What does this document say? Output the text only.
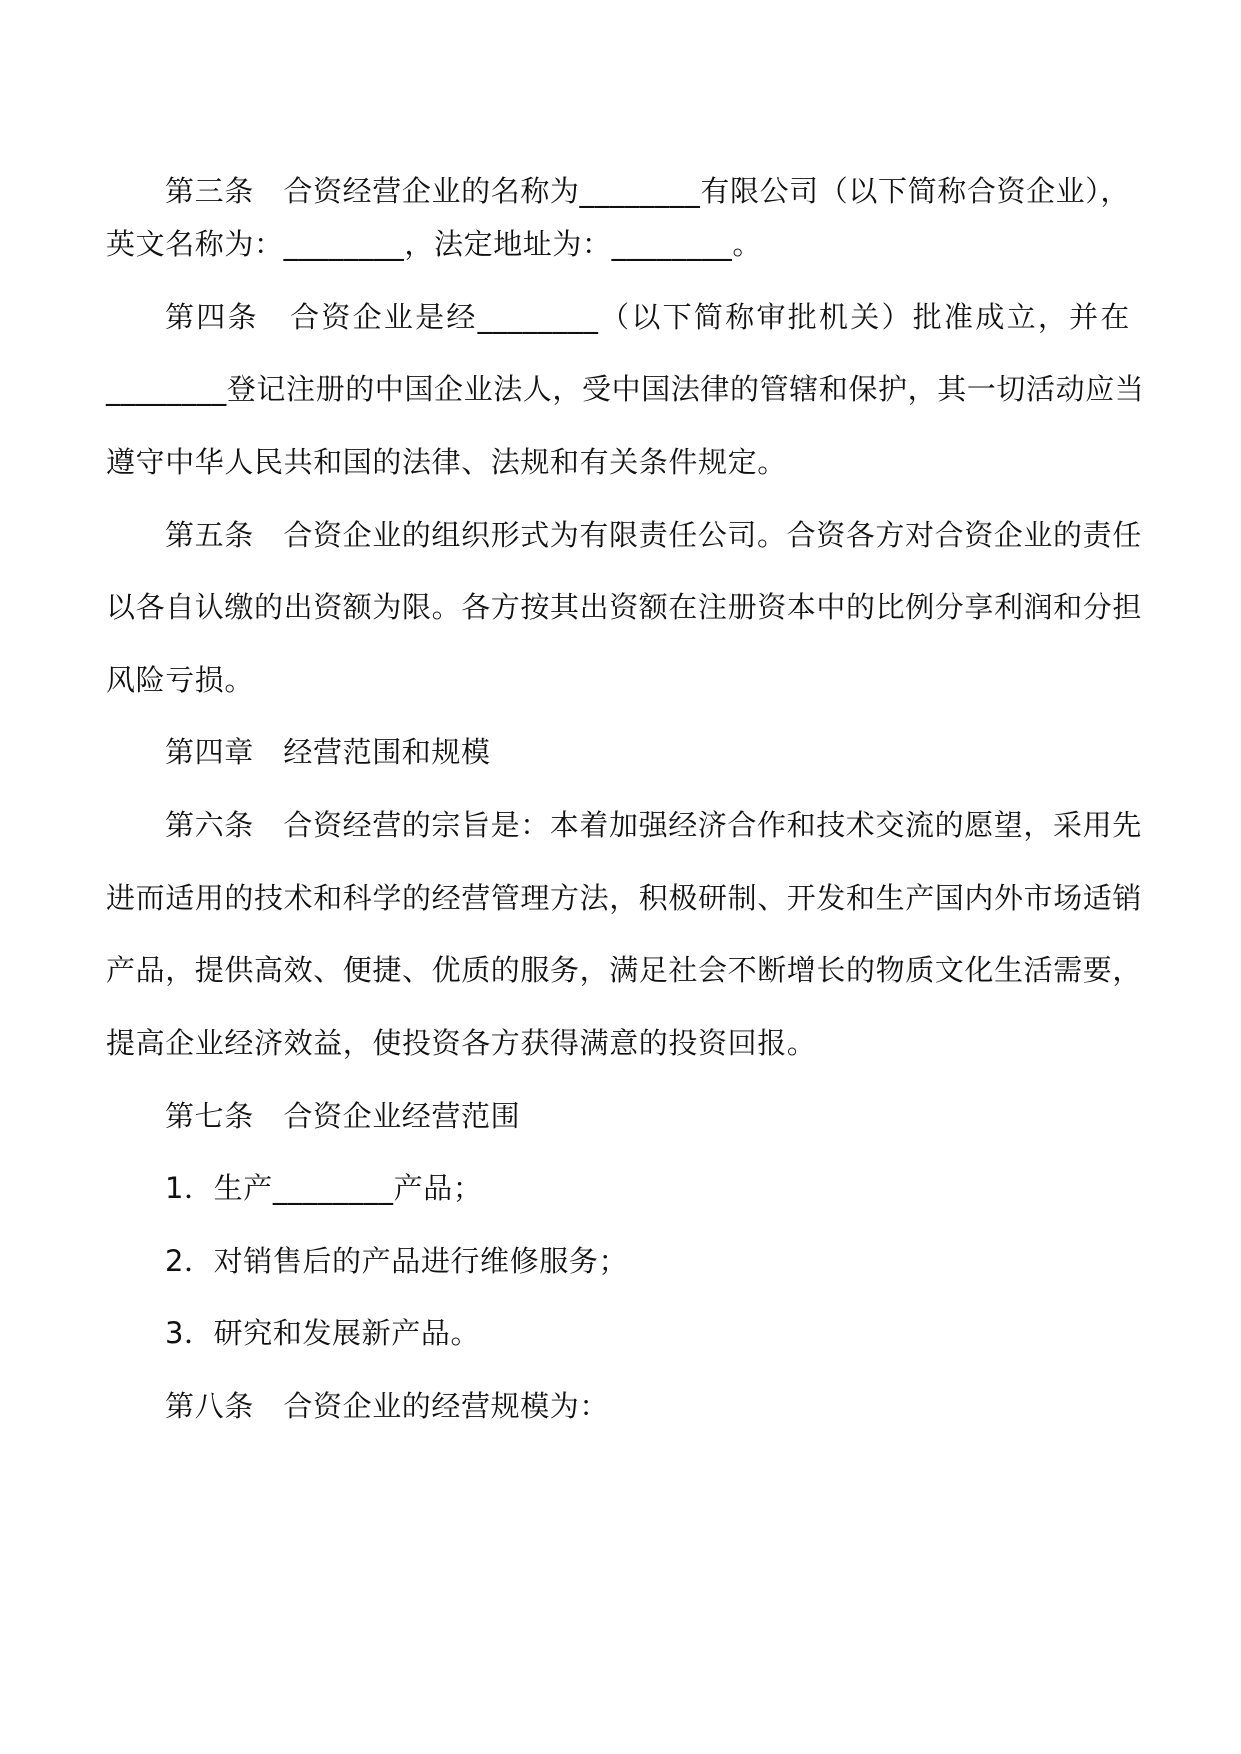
第三条　合资经营企业的名称为________有限公司（以下简称合资企业），
英文名称为：________，法定地址为：________。
第四条　合资企业是经________（以下简称审批机关）批准成立，并在
________登记注册的中国企业法人，受中国法律的管辖和保护，其一切活动应当
遵守中华人民共和国的法律、法规和有关条件规定。
第五条　合资企业的组织形式为有限责任公司。合资各方对合资企业的责任
以各自认缴的出资额为限。各方按其出资额在注册资本中的比例分享利润和分担
风险亏损。
第四章　经营范围和规模
第六条　合资经营的宗旨是：本着加强经济合作和技术交流的愿望，采用先
进而适用的技术和科学的经营管理方法，积极研制、开发和生产国内外市场适销
产品，提供高效、便捷、优质的服务，满足社会不断增长的物质文化生活需要，
提高企业经济效益，使投资各方获得满意的投资回报。
第七条　合资企业经营范围
1．生产________产品；
2．对销售后的产品进行维修服务；
3．研究和发展新产品。
第八条　合资企业的经营规模为：
